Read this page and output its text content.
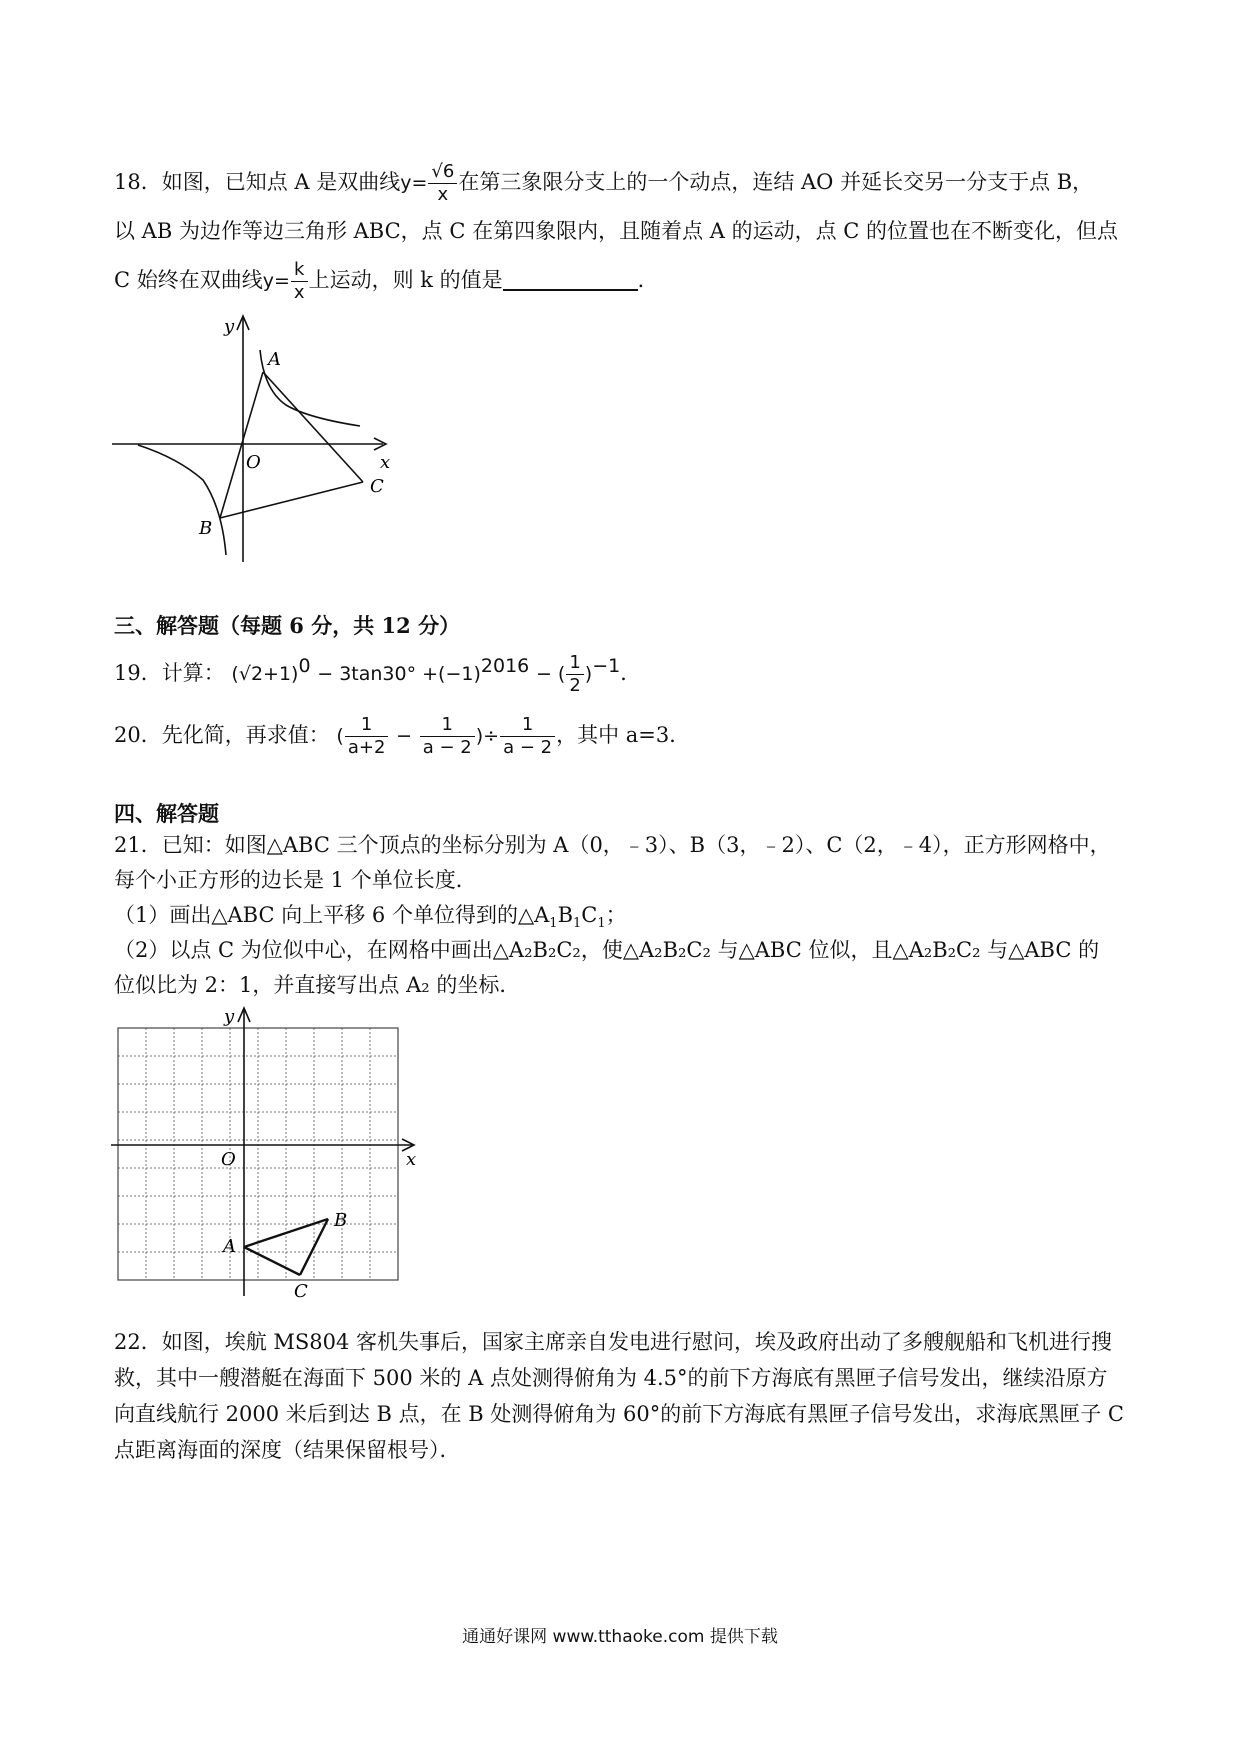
18．如图，已知点 A 是双曲线$y= \frac{√6}{x}$ 在第三象限分支上的一个动点，连结 AO 并延长交另一分支于点 B，
以 AB 为边作等边三角形 ABC，点 C 在第四象限内，且随着点 A 的运动，点 C 的位置也在不断变化，但点
C 始终在双曲线$y= \frac{k}{x}$ 上运动，则 k 的值是	．
y
x
O
A
B
C
三、解答题（每题 6 分，共 12 分）
19．计算： $(√2+1)^0 - 3\tan 30^\circ +(-1)^{2016}$ − ( $\frac{1}{2} )^{-1}$．
20．先化简，再求值： ( $\frac{1}{a+2} - \frac{1}{a - 2}$ )÷ $\frac{1}{a - 2}$ ，其中 a=3．
四、解答题
21．已知：如图△ABC 三个顶点的坐标分别为 A（0，﹣3）、B（3，﹣2）、C（2，﹣4），正方形网格中，
每个小正方形的边长是 1 个单位长度．
（1）画出△ABC 向上平移 6 个单位得到的$\triangle A_1B_1C_1$；
（2）以点 C 为位似中心，在网格中画出△A₂B₂C₂，使△A₂B₂C₂ 与△ABC 位似，且△A₂B₂C₂ 与△ABC 的
位似比为 2：1，并直接写出点 A₂ 的坐标．
y
x
O
A
B
C
22．如图，埃航 MS804 客机失事后，国家主席亲自发电进行慰问，埃及政府出动了多艘舰船和飞机进行搜
救，其中一艘潜艇在海面下 500 米的 A 点处测得俯角为 4.5°的前下方海底有黑匣子信号发出，继续沿原方
向直线航行 2000 米后到达 B 点，在 B 处测得俯角为 60°的前下方海底有黑匣子信号发出，求海底黑匣子 C
点距离海面的深度（结果保留根号）．
通通好课网 www.tthaoke.com 提供下载
